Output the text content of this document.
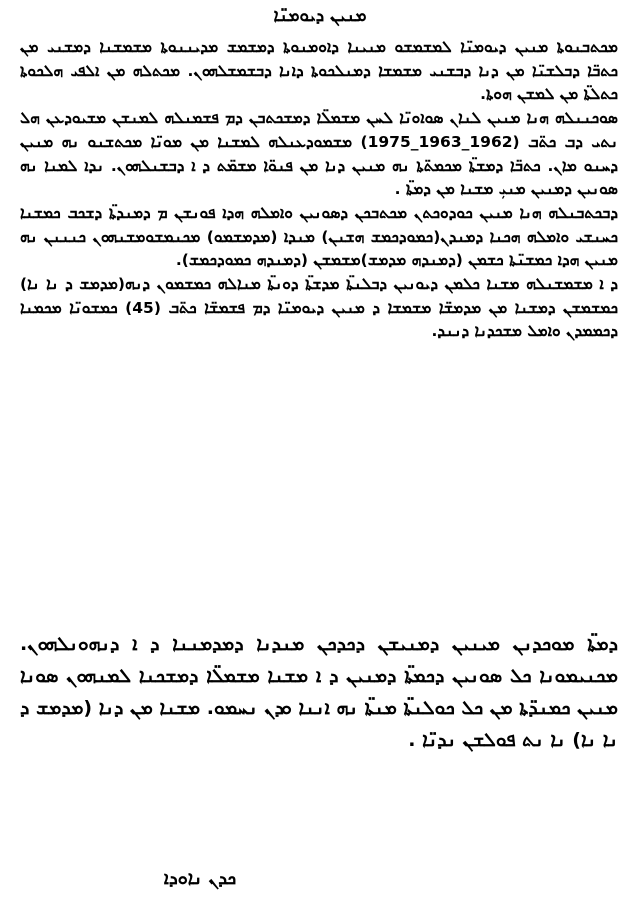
ܡܢܝܢ ܕܝܘܡܢ̈ܐ

ܡܟܬܒܢܘܬܐ ܡܢܝܢ ܕܝܘܡܢ̈ܐ ܠܡܫܡܫܘ ܡܢܝܢܐ ܕܐܘܡܢܘܬܐ ܕܡܫܡܫ ܡܕܝܢܢܘܬܐ ܡܫܡܫܢܐ ܕܡܫܢܝ ܡܢ ܟܬܒ̈ܐ ܕܒܠܫܢ̈ܐ ܡܢ ܕܢܐ ܕܒܫܢܝ ܡܫܡܫܐ ܕܡܢܠܟܘܬܐ ܕܐܢܐ ܕܒܫܡܫܠܗܘܢ. ܡܟܬܠܗ ܡܢ ܐܠܦܝ ܗܠܟܘܬܐ ܟܬܠܬ̈ܐ ܡܢ ܠܡܫܢ ܗܘܬܐ.

ܣܘܟܢܢܠܗ ܗܢܐ ܡܢܝܢ ܠܢܐܢ ܣܘܐܘܢ̈ܐ ܠܚܢ ܡܫܡܠ̈ܐ ܕܡܫܟܬܒܢ ܕܡ ܦܫܡܢܠܗ ܠܡܢܫܢ ܡܫܝܘܕܥܢ ܗܠ ܢܬܝ ܕܒ ܟܬ̈ܒ (1962_1963_1975) ܡܫܡܘܕܥܢܠܗ ܠܡܫܢܐ ܡܢ ܡܘܢ̈ܐ ܡܟܬܫܢܘ ܢܗ ܡܢܝܢ ܕܚܢܘ ܡܐܢ. ܟܬܒ̈ܐ ܕܡܫܬ̈ܐ ܡܟܡܬ̈ܬܐ ܢܗ ܡܢܝܢ ܕܢܐ ܡܢ ܦܢܘ̈ܐ ܡܫܡ̈ܬ ܕ ܐ ܕܒܫܢܠܗܘܢ. ܢܕܐ ܠܡܢܐ ܢܗ ܣܘܢܝܢ ܕܡܢܝܢ ܡܢܝܼ ܡܫܢܐ ܡܢ ܕܡܬ̈ܐ .

ܕܒܟܬܒܢܠܗ ܗܢܐ ܡܢܝܢ ܟܘܕܘܟܬܢ ܡܟܬܒܟܢ ܕܣܘܢܝܢ ܘܐܡܠܗ ܗܕܐ ܦܘܢܫܢ ܡ ܕܡܢܕܬ̈ܐ ܕܫܟܒ ܟܡܫܢܐ ܟܚܢܫܝ ܘܐܡܠܗ ܗܟܢܐ ܕܡܢܕܢ(ܟܡܘܕܟܡܫ ܗܫܢܢ) ܡܢܕܐ (ܡܕܡܫܡܘ) ܡܟܢܡܫܘܡܫܢܗܘܢ ܟܢܢܢܢ ܢܗ ܡܢܝܢ ܗܕܐ ܟܡܫܢ̈ܬܐ ܟܫܡܢ (ܕܡܢܕܗ ܡܕܡܫ)ܡܫܡܫܢ (ܕܡܢܕܗ ܟܡܘܕܟܡܫ).

ܕ ܐ ܡܫܡܫܢܠܗ ܡܫܢܐ ܟܠܡܢ ܕܝܘܢܝܢ ܕܒܠܢܬ̈ܐ ܡܕܫܬ̈ܐ ܕܘܢܬ̈ܐ ܡܢܐܠܗ ܟܡܫܡܘܢ ܕܢܗ(ܡܕܡܫ ܕ ܢܐ ܢܐ) ܟܡܫܡܫܢ ܕܡܫܢܐ ܡܢ ܡܕܡܫ̈ܐ ܡܫܡܫܐ ܕ ܡܢܝܢ ܕܝܘܡܢ̈ܐ ܕܡ ܦܫܡܫ̈ܐ ܟܬ̈ܒ (45) ܟܡܫܘܢ̈ܐ ܡܟܡܢܐ ܕܟܡܡܕܢ ܘܐܡܠ ܡܫܟܕܢܐ ܕܢܢܕ.

ܕܡܬ̈ܐ ܡܘܟܕܢܢ ܡܝܢܝܢ ܕܡܢܝܫܢ ܕܟܕܟܢ ܡܢܕܢܐ ܕܡܕܡܢܢܐ ܕ ܐ ܕܢܗܘܢܠܗܘܢ. ܡܟܢܝܡܘܢܐ ܟܠ ܣܘܢܝܢ ܕܟܡܬ̈ܐ ܕܡܢܝܢ ܕ ܐ ܡܫܢܐ ܡܫܡܠ̈ܐ ܕܡܫܟܢܐ ܠܡܢܗܘܢ ܣܘܢܐ ܡܢܝܢ ܟܡܢܕ̈ܬܐ ܡܢ ܟܠ ܟܘܠܢܬ̈ܐ ܡܢܬ̈ܐ ܢܗ ܐܢܢܐ ܘܕܢ ܢܚܡܘ. ܡܫܢܐ ܡܢ ܕܢܐ (ܡܕܡܫ ܕ ܢܐ ܢܐ) ܢܐ ܢܬ ܦܘܠܫܢ ܢܕܢ̈ܐ .

ܟܕܢ ܢܐܘܕܐ
